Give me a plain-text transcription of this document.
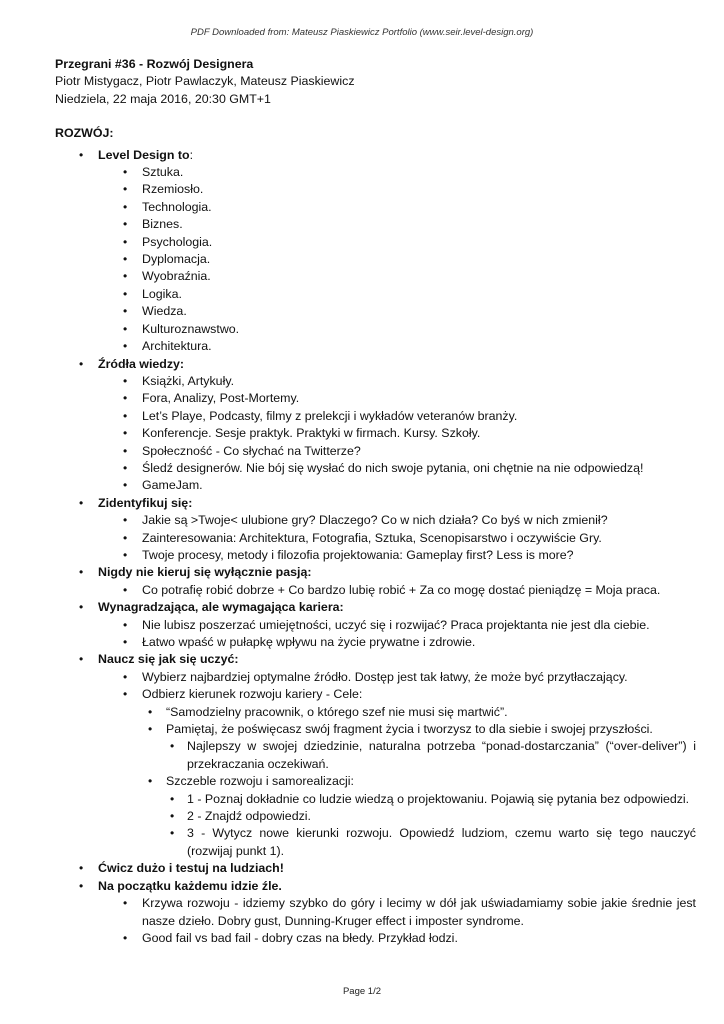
PDF Downloaded from: Mateusz Piaskiewicz Portfolio (www.seir.level-design.org)
Przegrani #36 - Rozwój Designera
Piotr Mistygacz, Piotr Pawlaczyk, Mateusz Piaskiewicz
Niedziela, 22 maja 2016, 20:30 GMT+1
ROZWÓJ:
• Level Design to:
• Sztuka.
• Rzemiosło.
• Technologia.
• Biznes.
• Psychologia.
• Dyplomacja.
• Wyobraźnia.
• Logika.
• Wiedza.
• Kulturoznawstwo.
• Architektura.
• Źródła wiedzy:
• Książki, Artykuły.
• Fora, Analizy, Post-Mortemy.
• Let’s Playe, Podcasty, filmy z prelekcji i wykładów veteranów branży.
• Konferencje. Sesje praktyk. Praktyki w firmach. Kursy. Szkoły.
• Społeczność - Co słychać na Twitterze?
• Śledź designerów. Nie bój się wysłać do nich swoje pytania, oni chętnie na nie odpowiedzą!
• GameJam.
• Zidentyfikuj się:
• Jakie są >Twoje< ulubione gry? Dlaczego? Co w nich działa? Co byś w nich zmienił?
• Zainteresowania: Architektura, Fotografia, Sztuka, Scenopisarstwo i oczywiście Gry.
• Twoje procesy, metody i filozofia projektowania: Gameplay first? Less is more?
• Nigdy nie kieruj się wyłącznie pasją:
• Co potrafię robić dobrze + Co bardzo lubię robić + Za co mogę dostać pieniądzę = Moja praca.
• Wynagradzająca, ale wymagająca kariera:
• Nie lubisz poszerzać umiejętności, uczyć się i rozwijać? Praca projektanta nie jest dla ciebie.
• Łatwo wpaść w pułapkę wpływu na życie prywatne i zdrowie.
• Naucz się jak się uczyć:
• Wybierz najbardziej optymalne źródło. Dostęp jest tak łatwy, że może być przytłaczający.
• Odbierz kierunek rozwoju kariery - Cele:
• “Samodzielny pracownik, o którego szef nie musi się martwić”.
• Pamiętaj, że poświęcasz swój fragment życia i tworzysz to dla siebie i swojej przyszłości.
• Najlepszy w swojej dziedzinie, naturalna potrzeba “ponad-dostarczania” (“over-deliver”) i przekraczania oczekiwań.
• Szczeble rozwoju i samorealizacji:
• 1 - Poznaj dokładnie co ludzie wiedzą o projektowaniu. Pojawią się pytania bez odpowiedzi.
• 2 - Znajdź odpowiedzi.
• 3 - Wytycz nowe kierunki rozwoju. Opowiedź ludziom, czemu warto się tego nauczyć (rozwijaj punkt 1).
• Ćwicz dużo i testuj na ludziach!
• Na początku każdemu idzie źle.
• Krzywa rozwoju - idziemy szybko do góry i lecimy w dół jak uświadamiamy sobie jakie średnie jest nasze dzieło. Dobry gust, Dunning-Kruger effect i imposter syndrome.
• Good fail vs bad fail - dobry czas na błedy. Przykład łodzi.
Page 1/2
